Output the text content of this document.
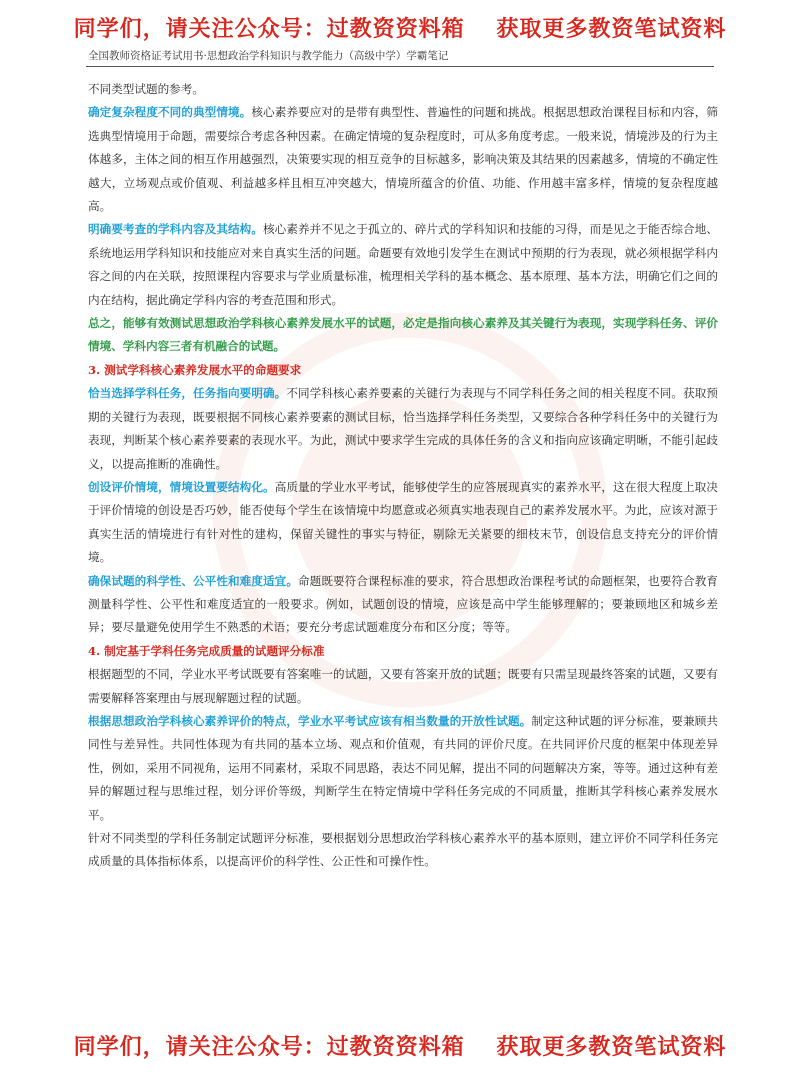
同学们，请关注公众号：过教资资料箱　 获取更多教资笔试资料
全国教师资格证考试用书·思想政治学科知识与教学能力（高级中学）学霸笔记

不同类型试题的参考。

确定复杂程度不同的典型情境。核心素养要应对的是带有典型性、普遍性的问题和挑战。根据思想政治课程目标和内容，筛选典型情境用于命题，需要综合考虑各种因素。在确定情境的复杂程度时，可从多角度考虑。一般来说，情境涉及的行为主体越多，主体之间的相互作用越强烈，决策要实现的相互竞争的目标越多，影响决策及其结果的因素越多，情境的不确定性越大，立场观点或价值观、利益越多样且相互冲突越大，情境所蕴含的价值、功能、作用越丰富多样，情境的复杂程度越高。

明确要考查的学科内容及其结构。核心素养并不见之于孤立的、碎片式的学科知识和技能的习得，而是见之于能否综合地、系统地运用学科知识和技能应对来自真实生活的问题。命题要有效地引发学生在测试中预期的行为表现，就必须根据学科内容之间的内在关联，按照课程内容要求与学业质量标准，梳理相关学科的基本概念、基本原理、基本方法，明确它们之间的内在结构，据此确定学科内容的考查范围和形式。

总之，能够有效测试思想政治学科核心素养发展水平的试题，必定是指向核心素养及其关键行为表现，实现学科任务、评价情境、学科内容三者有机融合的试题。

3. 测试学科核心素养发展水平的命题要求

恰当选择学科任务，任务指向要明确。不同学科核心素养要素的关键行为表现与不同学科任务之间的相关程度不同。获取预期的关键行为表现，既要根据不同核心素养要素的测试目标，恰当选择学科任务类型，又要综合各种学科任务中的关键行为表现，判断某个核心素养要素的表现水平。为此，测试中要求学生完成的具体任务的含义和指向应该确定明晰，不能引起歧义，以提高推断的准确性。

创设评价情境，情境设置要结构化。高质量的学业水平考试，能够使学生的应答展现真实的素养水平，这在很大程度上取决于评价情境的创设是否巧妙，能否使每个学生在该情境中均愿意或必须真实地表现自己的素养发展水平。为此，应该对源于真实生活的情境进行有针对性的建构，保留关键性的事实与特征，剔除无关紧要的细枝末节，创设信息支持充分的评价情境。

确保试题的科学性、公平性和难度适宜。命题既要符合课程标准的要求，符合思想政治课程考试的命题框架，也要符合教育测量科学性、公平性和难度适宜的一般要求。例如，试题创设的情境，应该是高中学生能够理解的；要兼顾地区和城乡差异；要尽量避免使用学生不熟悉的术语；要充分考虑试题难度分布和区分度；等等。

4. 制定基于学科任务完成质量的试题评分标准

根据题型的不同，学业水平考试既要有答案唯一的试题，又要有答案开放的试题；既要有只需呈现最终答案的试题，又要有需要解释答案理由与展现解题过程的试题。

根据思想政治学科核心素养评价的特点，学业水平考试应该有相当数量的开放性试题。制定这种试题的评分标准，要兼顾共同性与差异性。共同性体现为有共同的基本立场、观点和价值观，有共同的评价尺度。在共同评价尺度的框架中体现差异性，例如，采用不同视角，运用不同素材，采取不同思路，表达不同见解，提出不同的问题解决方案，等等。通过这种有差异的解题过程与思维过程，划分评价等级，判断学生在特定情境中学科任务完成的不同质量，推断其学科核心素养发展水平。

针对不同类型的学科任务制定试题评分标准，要根据划分思想政治学科核心素养水平的基本原则，建立评价不同学科任务完成质量的具体指标体系，以提高评价的科学性、公正性和可操作性。

同学们，请关注公众号：过教资资料箱　 获取更多教资笔试资料
